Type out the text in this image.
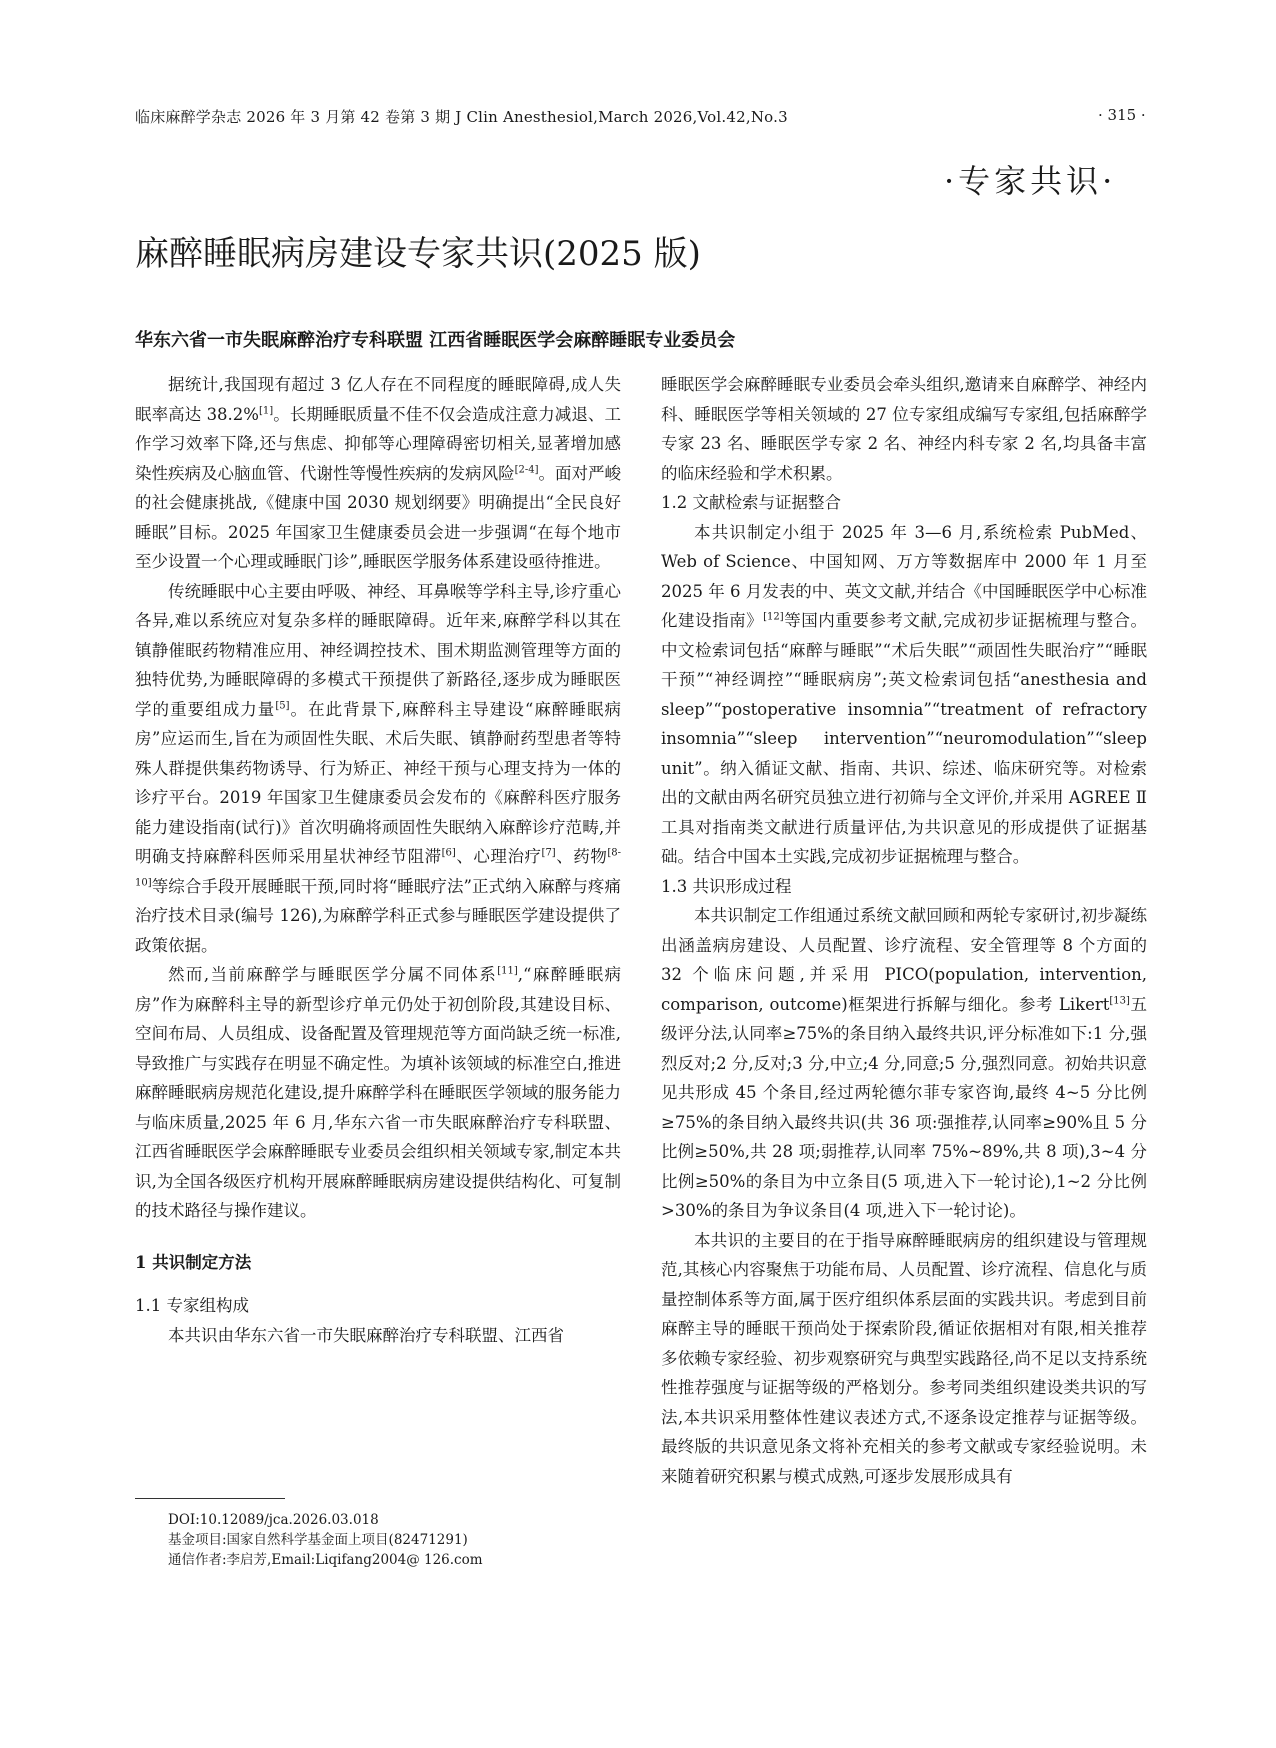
临床麻醉学杂志 2026 年 3 月第 42 卷第 3 期 J Clin Anesthesiol,March 2026,Vol.42,No.3	· 315 ·
·专家共识·
麻醉睡眠病房建设专家共识(2025 版)
华东六省一市失眠麻醉治疗专科联盟 江西省睡眠医学会麻醉睡眠专业委员会

据统计,我国现有超过 3 亿人存在不同程度的睡眠障碍,成人失眠率高达 38.2%[1]。长期睡眠质量不佳不仅会造成注意力减退、工作学习效率下降,还与焦虑、抑郁等心理障碍密切相关,显著增加感染性疾病及心脑血管、代谢性等慢性疾病的发病风险[2-4]。面对严峻的社会健康挑战,《健康中国 2030 规划纲要》明确提出“全民良好睡眠”目标。2025 年国家卫生健康委员会进一步强调“在每个地市至少设置一个心理或睡眠门诊”,睡眠医学服务体系建设亟待推进。

传统睡眠中心主要由呼吸、神经、耳鼻喉等学科主导,诊疗重心各异,难以系统应对复杂多样的睡眠障碍。近年来,麻醉学科以其在镇静催眠药物精准应用、神经调控技术、围术期监测管理等方面的独特优势,为睡眠障碍的多模式干预提供了新路径,逐步成为睡眠医学的重要组成力量[5]。在此背景下,麻醉科主导建设“麻醉睡眠病房”应运而生,旨在为顽固性失眠、术后失眠、镇静耐药型患者等特殊人群提供集药物诱导、行为矫正、神经干预与心理支持为一体的诊疗平台。2019 年国家卫生健康委员会发布的《麻醉科医疗服务能力建设指南(试行)》首次明确将顽固性失眠纳入麻醉诊疗范畴,并明确支持麻醉科医师采用星状神经节阻滞[6]、心理治疗[7]、药物[8-10]等综合手段开展睡眠干预,同时将“睡眠疗法”正式纳入麻醉与疼痛治疗技术目录(编号 126),为麻醉学科正式参与睡眠医学建设提供了政策依据。

然而,当前麻醉学与睡眠医学分属不同体系[11],“麻醉睡眠病房”作为麻醉科主导的新型诊疗单元仍处于初创阶段,其建设目标、空间布局、人员组成、设备配置及管理规范等方面尚缺乏统一标准,导致推广与实践存在明显不确定性。为填补该领域的标准空白,推进麻醉睡眠病房规范化建设,提升麻醉学科在睡眠医学领域的服务能力与临床质量,2025 年 6 月,华东六省一市失眠麻醉治疗专科联盟、江西省睡眠医学会麻醉睡眠专业委员会组织相关领域专家,制定本共识,为全国各级医疗机构开展麻醉睡眠病房建设提供结构化、可复制的技术路径与操作建议。

1 共识制定方法

1.1 专家组构成

本共识由华东六省一市失眠麻醉治疗专科联盟、江西省

睡眠医学会麻醉睡眠专业委员会牵头组织,邀请来自麻醉学、神经内科、睡眠医学等相关领域的 27 位专家组成编写专家组,包括麻醉学专家 23 名、睡眠医学专家 2 名、神经内科专家 2 名,均具备丰富的临床经验和学术积累。

1.2 文献检索与证据整合

本共识制定小组于 2025 年 3—6 月,系统检索 PubMed、Web of Science、中国知网、万方等数据库中 2000 年 1 月至 2025 年 6 月发表的中、英文文献,并结合《中国睡眠医学中心标准化建设指南》[12]等国内重要参考文献,完成初步证据梳理与整合。中文检索词包括“麻醉与睡眠”“术后失眠”“顽固性失眠治疗”“睡眠干预”“神经调控”“睡眠病房”;英文检索词包括“anesthesia and sleep”“postoperative insomnia”“treatment of refractory insomnia”“sleep intervention”“neuromodulation”“sleep unit”。纳入循证文献、指南、共识、综述、临床研究等。对检索出的文献由两名研究员独立进行初筛与全文评价,并采用 AGREE Ⅱ工具对指南类文献进行质量评估,为共识意见的形成提供了证据基础。结合中国本土实践,完成初步证据梳理与整合。

1.3 共识形成过程

本共识制定工作组通过系统文献回顾和两轮专家研讨,初步凝练出涵盖病房建设、人员配置、诊疗流程、安全管理等 8 个方面的 32 个临床问题,并采用 PICO(population, intervention, comparison, outcome)框架进行拆解与细化。参考 Likert[13]五级评分法,认同率≥75%的条目纳入最终共识,评分标准如下:1 分,强烈反对;2 分,反对;3 分,中立;4 分,同意;5 分,强烈同意。初始共识意见共形成 45 个条目,经过两轮德尔菲专家咨询,最终 4~5 分比例≥75%的条目纳入最终共识(共 36 项:强推荐,认同率≥90%且 5 分比例≥50%,共 28 项;弱推荐,认同率 75%~89%,共 8 项),3~4 分比例≥50%的条目为中立条目(5 项,进入下一轮讨论),1~2 分比例>30%的条目为争议条目(4 项,进入下一轮讨论)。

本共识的主要目的在于指导麻醉睡眠病房的组织建设与管理规范,其核心内容聚焦于功能布局、人员配置、诊疗流程、信息化与质量控制体系等方面,属于医疗组织体系层面的实践共识。考虑到目前麻醉主导的睡眠干预尚处于探索阶段,循证依据相对有限,相关推荐多依赖专家经验、初步观察研究与典型实践路径,尚不足以支持系统性推荐强度与证据等级的严格划分。参考同类组织建设类共识的写法,本共识采用整体性建议表述方式,不逐条设定推荐与证据等级。最终版的共识意见条文将补充相关的参考文献或专家经验说明。未来随着研究积累与模式成熟,可逐步发展形成具有

DOI:10.12089/jca.2026.03.018
基金项目:国家自然科学基金面上项目(82471291)
通信作者:李启芳,Email:Liqifang2004@ 126.com
